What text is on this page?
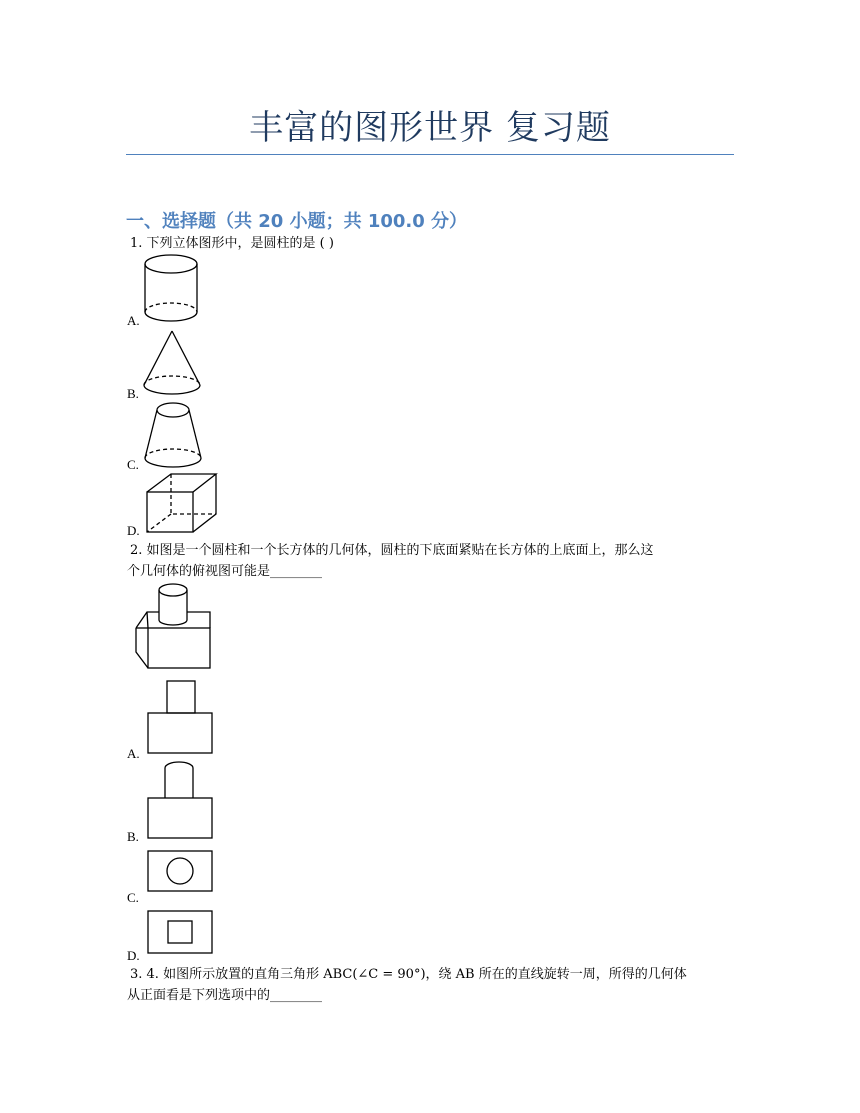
丰富的图形世界 复习题
一、选择题（共 20 小题；共 100.0 分）
1. 下列立体图形中，是圆柱的是 ( )
A.
B.
C.
D.
2. 如图是一个圆柱和一个长方体的几何体，圆柱的下底面紧贴在长方体的上底面上，那么这
个几何体的俯视图可能是________
A.
B.
C.
D.
3. 4. 如图所示放置的直角三角形 ABC(∠C = 90°)，绕 AB 所在的直线旋转一周，所得的几何体
从正面看是下列选项中的________
